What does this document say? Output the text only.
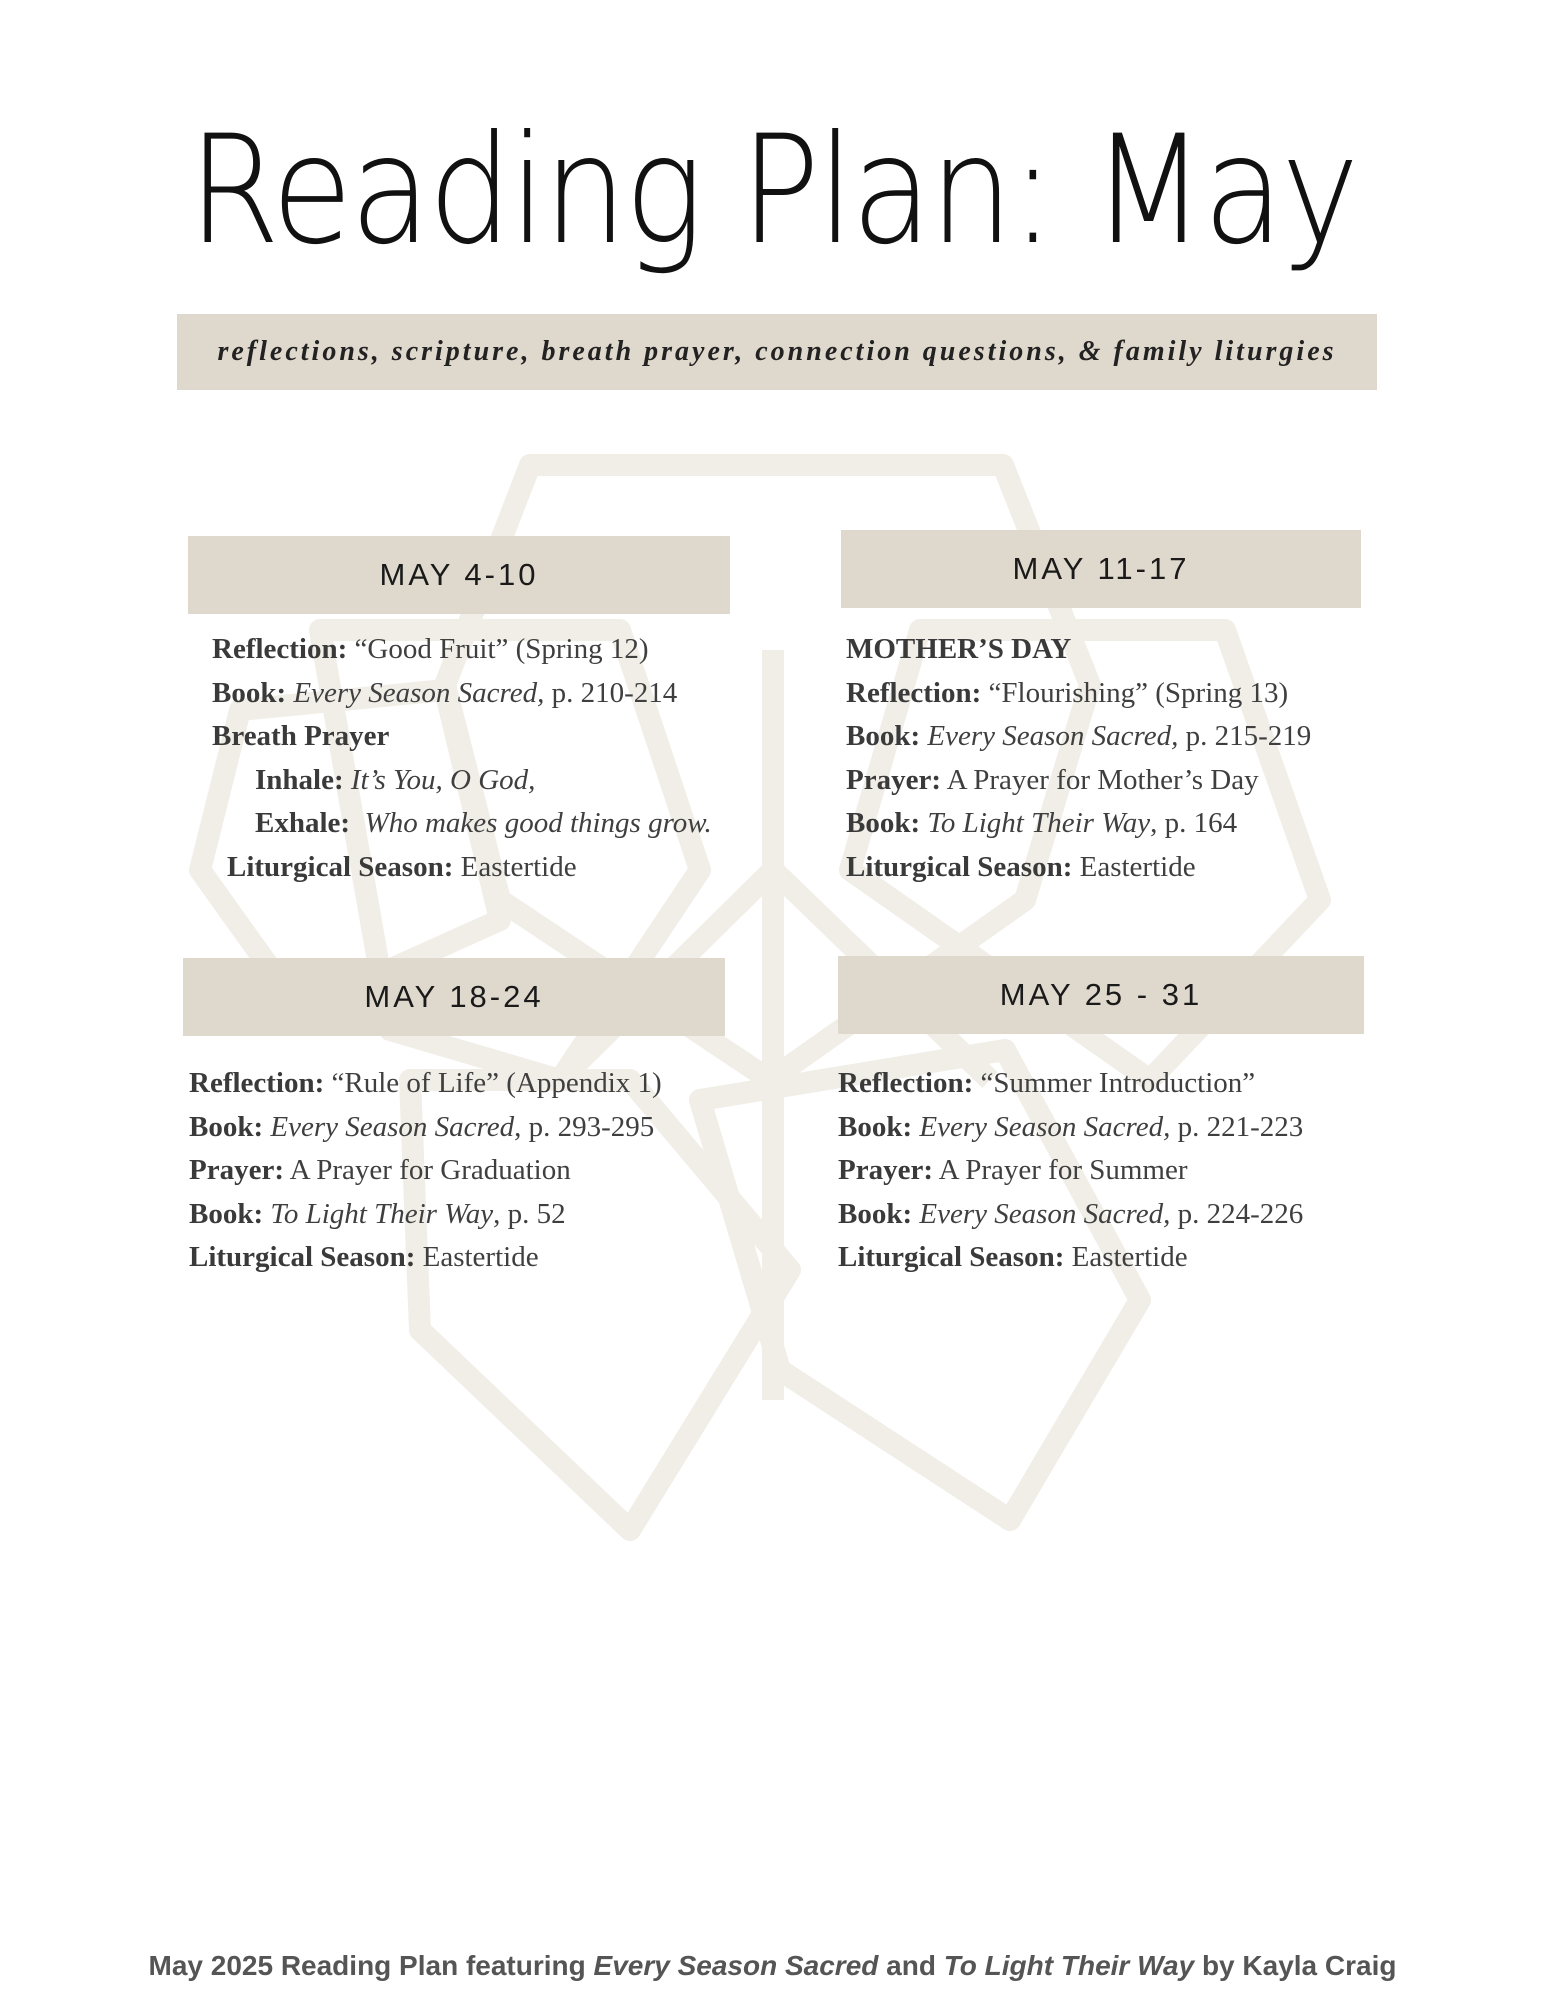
Reading Plan: May
reflections, scripture, breath prayer, connection questions, & family liturgies
MAY 4-10
Reflection: “Good Fruit” (Spring 12)
Book: Every Season Sacred, p. 210-214
Breath Prayer
Inhale: It’s You, O God,
Exhale: Who makes good things grow.
Liturgical Season: Eastertide
MAY 11-17
MOTHER’S DAY
Reflection: “Flourishing” (Spring 13)
Book: Every Season Sacred, p. 215-219
Prayer: A Prayer for Mother’s Day
Book: To Light Their Way, p. 164
Liturgical Season: Eastertide
MAY 18-24
Reflection: “Rule of Life” (Appendix 1)
Book: Every Season Sacred, p. 293-295
Prayer: A Prayer for Graduation
Book: To Light Their Way, p. 52
Liturgical Season: Eastertide
MAY 25 - 31
Reflection: “Summer Introduction”
Book: Every Season Sacred, p. 221-223
Prayer: A Prayer for Summer
Book: Every Season Sacred, p. 224-226
Liturgical Season: Eastertide
May 2025 Reading Plan featuring Every Season Sacred and To Light Their Way by Kayla Craig
